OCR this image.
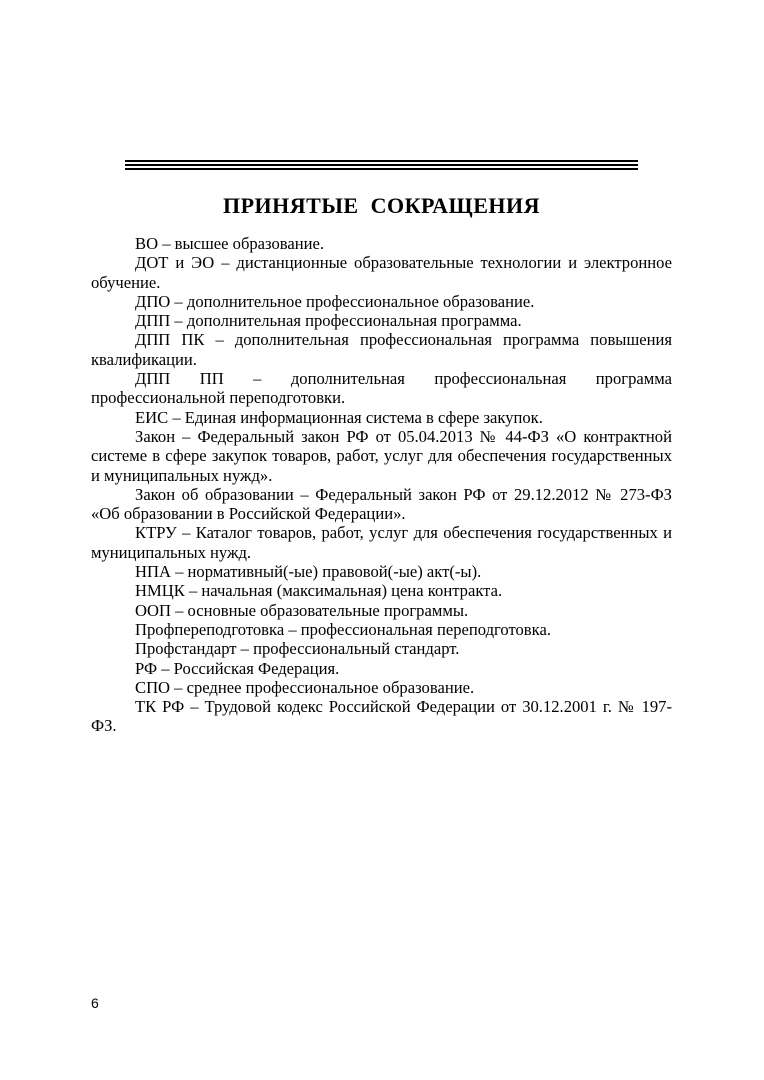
ПРИНЯТЫЕ СОКРАЩЕНИЯ

ВО – высшее образование.

ДОТ и ЭО – дистанционные образовательные технологии и электронное обучение.

ДПО – дополнительное профессиональное образование.

ДПП – дополнительная профессиональная программа.

ДПП ПК – дополнительная профессиональная программа повышения квалификации.

ДПП ПП – дополнительная профессиональная программа профессиональной переподготовки.

ЕИС – Единая информационная система в сфере закупок.

Закон – Федеральный закон РФ от 05.04.2013 № 44-ФЗ «О контрактной системе в сфере закупок товаров, работ, услуг для обеспечения государственных и муниципальных нужд».

Закон об образовании – Федеральный закон РФ от 29.12.2012 № 273-ФЗ «Об образовании в Российской Федерации».

КТРУ – Каталог товаров, работ, услуг для обеспечения государственных и муниципальных нужд.

НПА – нормативный(-ые) правовой(-ые) акт(-ы).

НМЦК – начальная (максимальная) цена контракта.

ООП – основные образовательные программы.

Профпереподготовка – профессиональная переподготовка.

Профстандарт – профессиональный стандарт.

РФ – Российская Федерация.

СПО – среднее профессиональное образование.

ТК РФ – Трудовой кодекс Российской Федерации от 30.12.2001 г. № 197-ФЗ.

6
